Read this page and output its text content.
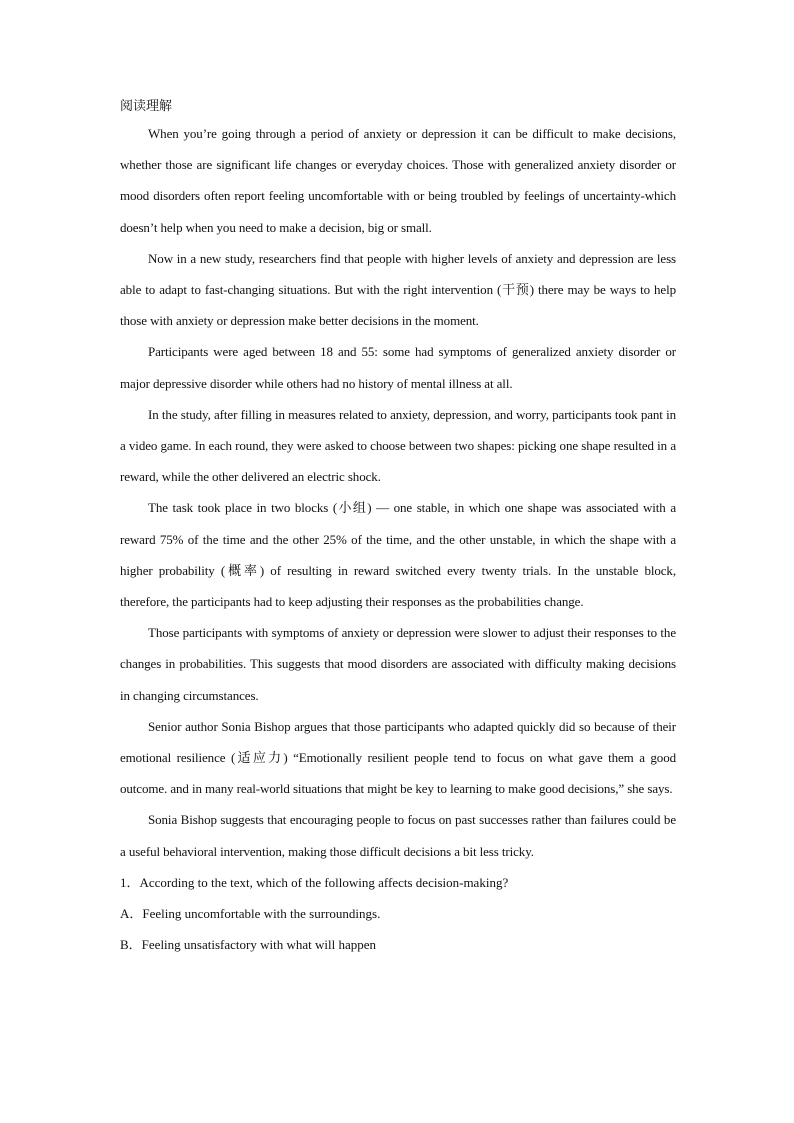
阅读理解

When you’re going through a period of anxiety or depression it can be difficult to make decisions, whether those are significant life changes or everyday choices. Those with generalized anxiety disorder or mood disorders often report feeling uncomfortable with or being troubled by feelings of uncertainty-which doesn’t help when you need to make a decision, big or small.

Now in a new study, researchers find that people with higher levels of anxiety and depression are less able to adapt to fast-changing situations. But with the right intervention (干预) there may be ways to help those with anxiety or depression make better decisions in the moment.

Participants were aged between 18 and 55: some had symptoms of generalized anxiety disorder or major depressive disorder while others had no history of mental illness at all.

In the study, after filling in measures related to anxiety, depression, and worry, participants took pant in a video game. In each round, they were asked to choose between two shapes: picking one shape resulted in a reward, while the other delivered an electric shock.

The task took place in two blocks (小组) — one stable, in which one shape was associated with a reward 75% of the time and the other 25% of the time, and the other unstable, in which the shape with a higher probability (概率) of resulting in reward switched every twenty trials. In the unstable block, therefore, the participants had to keep adjusting their responses as the probabilities change.

Those participants with symptoms of anxiety or depression were slower to adjust their responses to the changes in probabilities. This suggests that mood disorders are associated with difficulty making decisions in changing circumstances.

Senior author Sonia Bishop argues that those participants who adapted quickly did so because of their emotional resilience (适应力) “Emotionally resilient people tend to focus on what gave them a good outcome. and in many real-world situations that might be key to learning to make good decisions,” she says.

Sonia Bishop suggests that encouraging people to focus on past successes rather than failures could be a useful behavioral intervention, making those difficult decisions a bit less tricky.

1．According to the text, which of the following affects decision-making?

A．Feeling uncomfortable with the surroundings.

B．Feeling unsatisfactory with what will happen
